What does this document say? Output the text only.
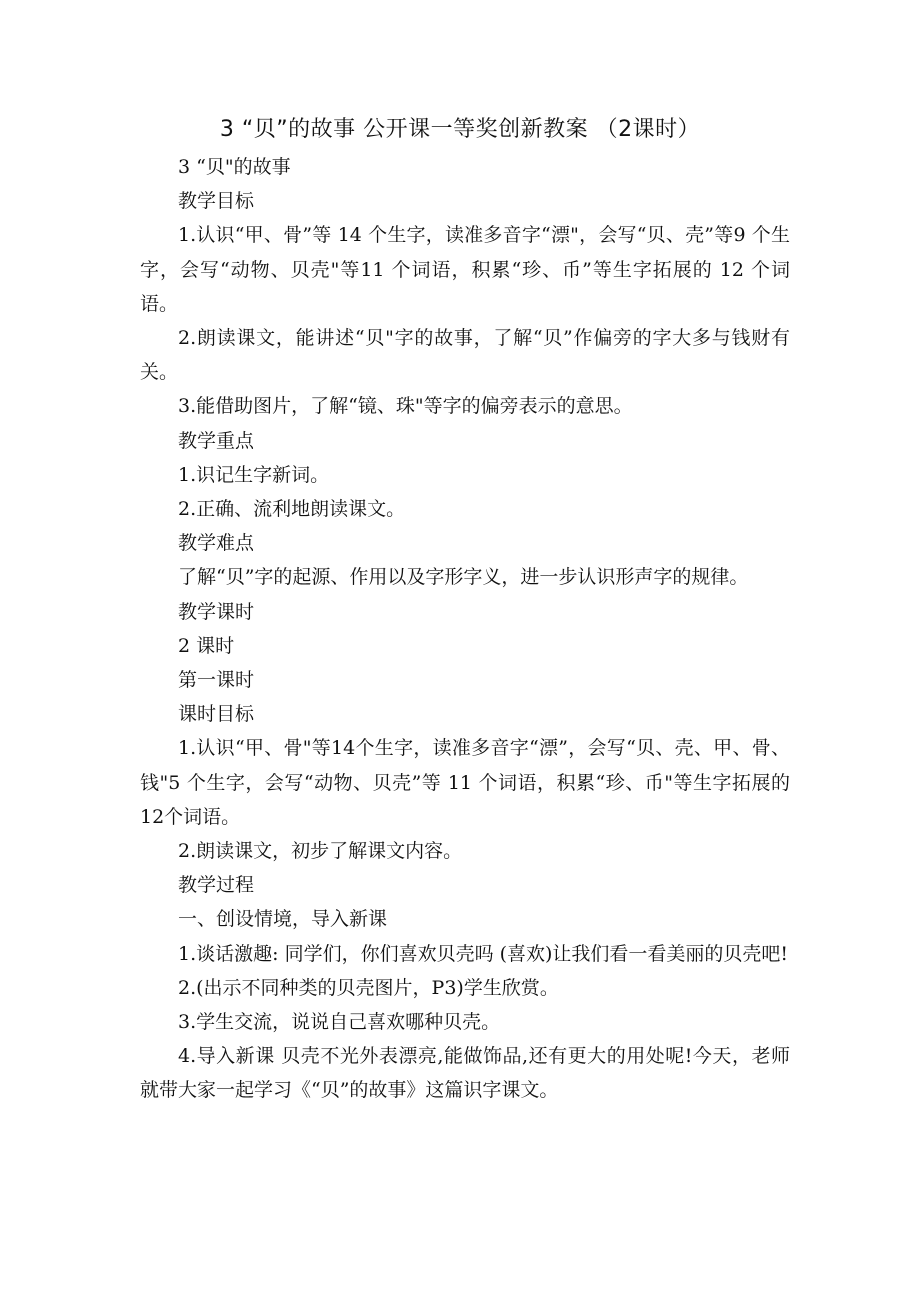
3 “贝”的故事 公开课一等奖创新教案 （2课时）

3 “贝"的故事

教学目标

1.认识“甲、骨”等 14 个生字，读准多音字“漂"，会写“贝、壳”等9 个生字，会写“动物、贝壳"等11 个词语，积累“珍、币”等生字拓展的 12 个词语。

2.朗读课文，能讲述“贝"字的故事，了解“贝”作偏旁的字大多与钱财有关。

3.能借助图片，了解“镜、珠"等字的偏旁表示的意思。

教学重点

1.识记生字新词。

2.正确、流利地朗读课文。

教学难点

了解“贝”字的起源、作用以及字形字义，进一步认识形声字的规律。

教学课时

2 课时

第一课时

课时目标

1.认识“甲、骨"等14个生字，读准多音字“漂”，会写“贝、壳、甲、骨、钱"5 个生字，会写“动物、贝壳”等 11 个词语，积累“珍、币"等生字拓展的 12个词语。

2.朗读课文，初步了解课文内容。

教学过程

一、创设情境，导入新课

1.谈话激趣: 同学们，你们喜欢贝壳吗 (喜欢)让我们看一看美丽的贝壳吧!

2.(出示不同种类的贝壳图片，P3)学生欣赏。

3.学生交流，说说自己喜欢哪种贝壳。

4.导入新课 贝壳不光外表漂亮,能做饰品,还有更大的用处呢!今天，老师就带大家一起学习《“贝”的故事》这篇识字课文。
